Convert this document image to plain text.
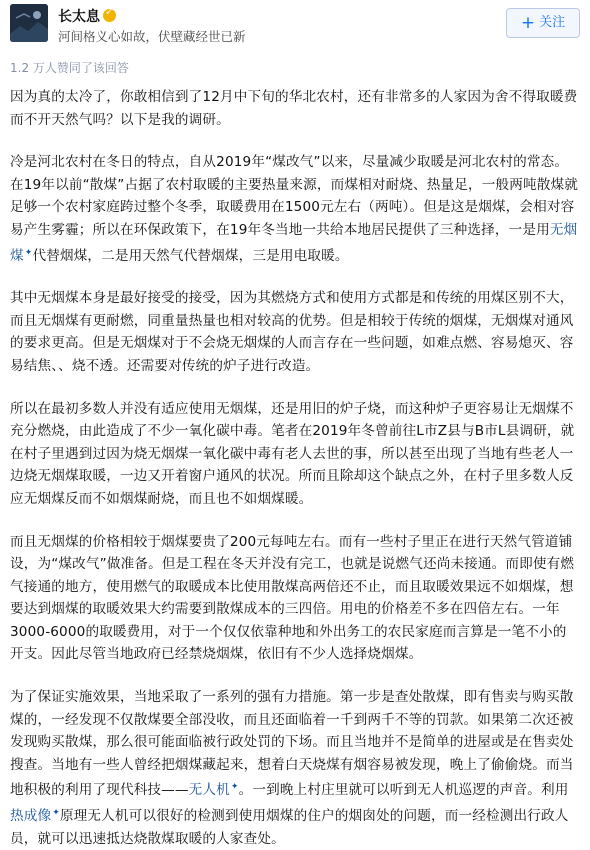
长太息✓
河间格义心如故，伏壁藏经世已新
+ 关注
1.2 万人赞同了该回答

因为真的太冷了，你敢相信到了12月中下旬的华北农村，还有非常多的人家因为舍不得取暖费而不开天然气吗？以下是我的调研。

冷是河北农村在冬日的特点，自从2019年“煤改气”以来，尽量减少取暖是河北农村的常态。在19年以前“散煤”占据了农村取暖的主要热量来源，而煤相对耐烧、热量足，一般两吨散煤就足够一个农村家庭跨过整个冬季，取暖费用在1500元左右（两吨）。但是这是烟煤，会相对容易产生雾霾；所以在环保政策下，在19年冬当地一共给本地居民提供了三种选择，一是用无烟煤✦代替烟煤，二是用天然气代替烟煤，三是用电取暖。

其中无烟煤本身是最好接受的接受，因为其燃烧方式和使用方式都是和传统的用煤区别不大，而且无烟煤有更耐燃，同重量热量也相对较高的优势。但是相较于传统的烟煤，无烟煤对通风的要求更高。但是无烟煤对于不会烧无烟煤的人而言存在一些问题，如难点燃、容易熄灭、容易结焦、、烧不透。还需要对传统的炉子进行改造。

所以在最初多数人并没有适应使用无烟煤，还是用旧的炉子烧，而这种炉子更容易让无烟煤不充分燃烧，由此造成了不少一氧化碳中毒。笔者在2019年冬曾前往L市Z县与B市L县调研，就在村子里遇到过因为烧无烟煤一氧化碳中毒有老人去世的事，所以甚至出现了当地有些老人一边烧无烟煤取暖，一边又开着窗户通风的状况。所而且除却这个缺点之外，在村子里多数人反应无烟煤反而不如烟煤耐烧，而且也不如烟煤暖。

而且无烟煤的价格相较于烟煤要贵了200元每吨左右。而有一些村子里正在进行天然气管道铺设，为“煤改气”做准备。但是工程在冬天并没有完工，也就是说燃气还尚未接通。而即使有燃气接通的地方，使用燃气的取暖成本比使用散煤高两倍还不止，而且取暖效果远不如烟煤，想要达到烟煤的取暖效果大约需要到散煤成本的三四倍。用电的价格差不多在四倍左右。一年3000-6000的取暖费用，对于一个仅仅依靠种地和外出务工的农民家庭而言算是一笔不小的开支。因此尽管当地政府已经禁烧烟煤，依旧有不少人选择烧烟煤。

为了保证实施效果，当地采取了一系列的强有力措施。第一步是查处散煤，即有售卖与购买散煤的，一经发现不仅散煤要全部没收，而且还面临着一千到两千不等的罚款。如果第二次还被发现购买散煤，那么很可能面临被行政处罚的下场。而且当地并不是简单的进屋或是在售卖处搜查。当地有一些人曾经把烟煤藏起来，想着白天烧煤有烟容易被发现，晚上了偷偷烧。而当地积极的利用了现代科技——无人机✦。一到晚上村庄里就可以听到无人机巡逻的声音。利用热成像✦原理无人机可以很好的检测到使用烟煤的住户的烟囱处的问题，而一经检测出行政人员，就可以迅速抵达烧散煤取暖的人家查处。
